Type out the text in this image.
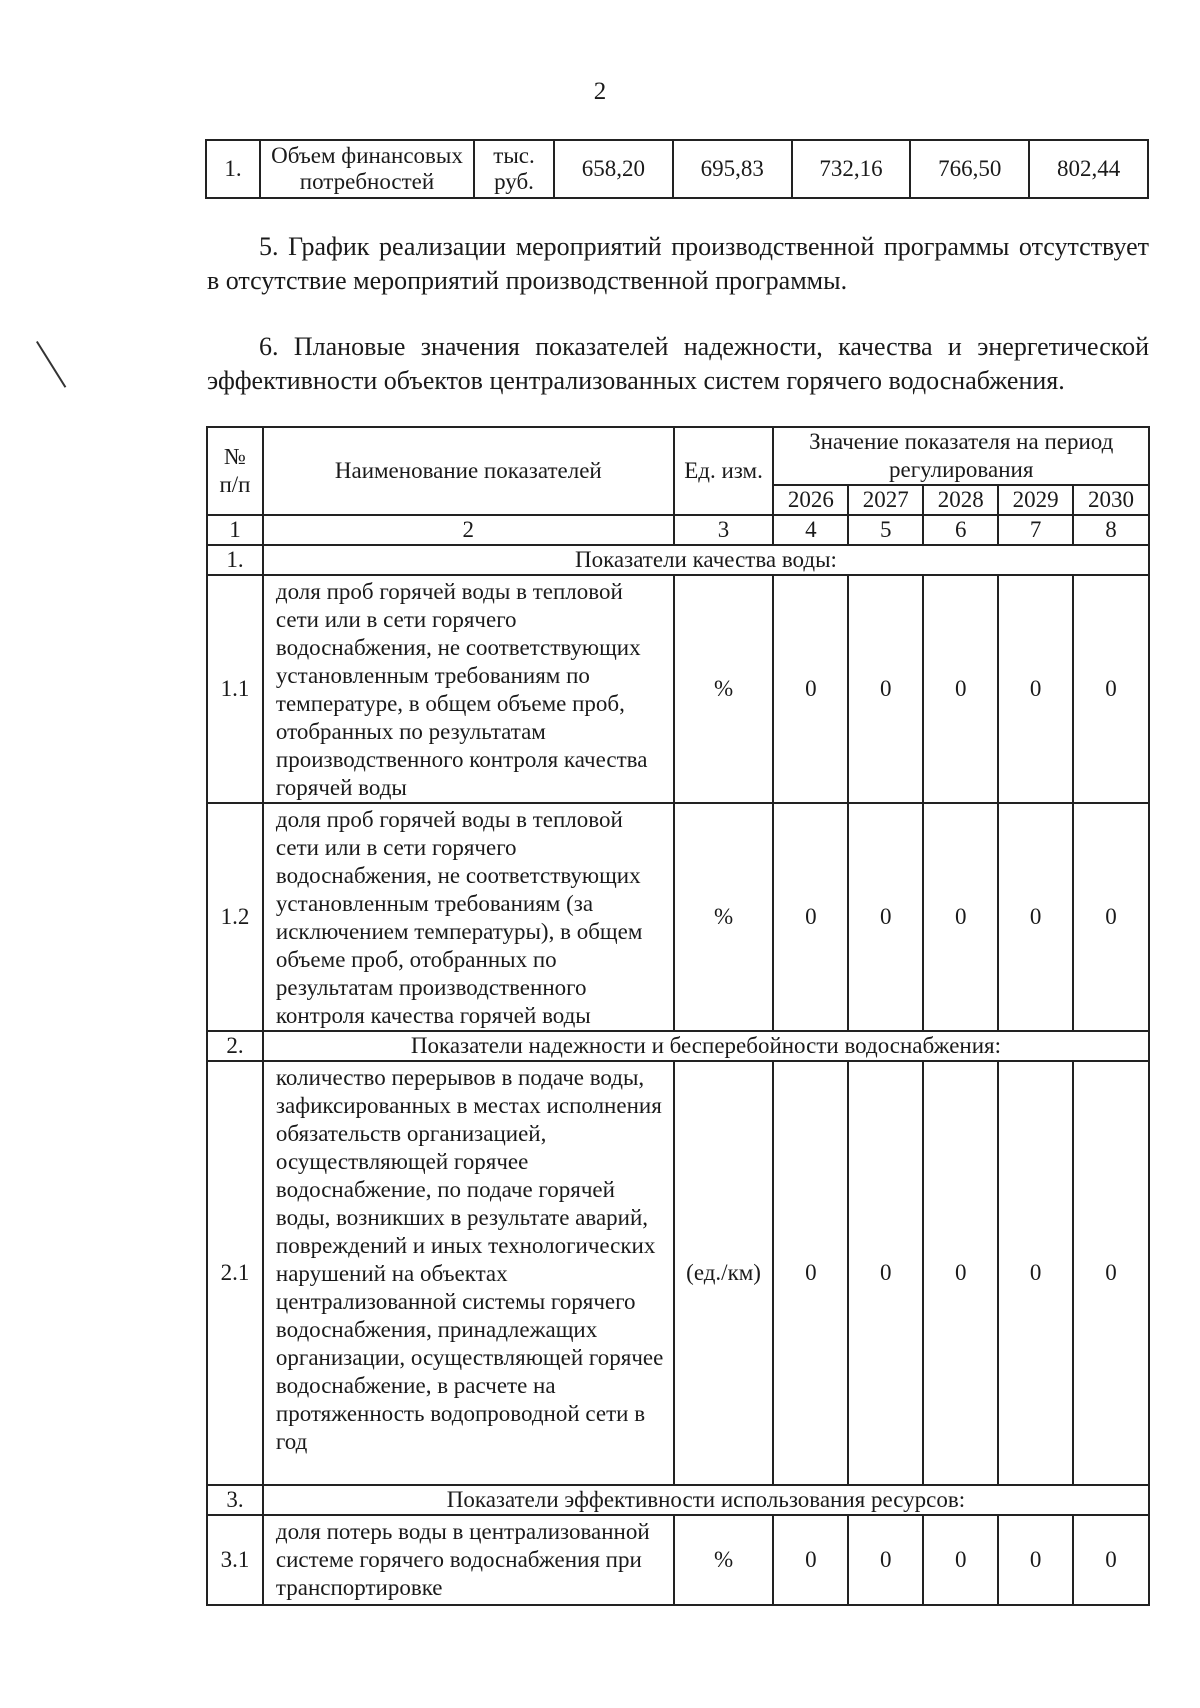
2
1.	Объем финансовых потребностей	тыс. руб.	658,20	695,83	732,16	766,50	802,44
5. График реализации мероприятий производственной программы отсутствует в отсутствие мероприятий производственной программы.
6. Плановые значения показателей надежности, качества и энергетической эффективности объектов централизованных систем горячего водоснабжения.
№ п/п	Наименование показателей	Ед. изм.	Значение показателя на период регулирования				
			2026	2027	2028	2029	2030
1	2	3	4	5	6	7	8
1.	Показатели качества воды:						
1.1	доля проб горячей воды в тепловой сети или в сети горячего водоснабжения, не соответствующих установленным требованиям по температуре, в общем объеме проб, отобранных по результатам производственного контроля качества горячей воды	%	0	0	0	0	0
1.2	доля проб горячей воды в тепловой сети или в сети горячего водоснабжения, не соответствующих установленным требованиям (за исключением температуры), в общем объеме проб, отобранных по результатам производственного контроля качества горячей воды	%	0	0	0	0	0
2.	Показатели надежности и бесперебойности водоснабжения:						
2.1	количество перерывов в подаче воды, зафиксированных в местах исполнения обязательств организацией, осуществляющей горячее водоснабжение, по подаче горячей воды, возникших в результате аварий, повреждений и иных технологических нарушений на объектах централизованной системы горячего водоснабжения, принадлежащих организации, осуществляющей горячее водоснабжение, в расчете на протяженность водопроводной сети в год	(ед./км)	0	0	0	0	0
3.	Показатели эффективности использования ресурсов:						
3.1	доля потерь воды в централизованной системе горячего водоснабжения при транспортировке	%	0	0	0	0	0
